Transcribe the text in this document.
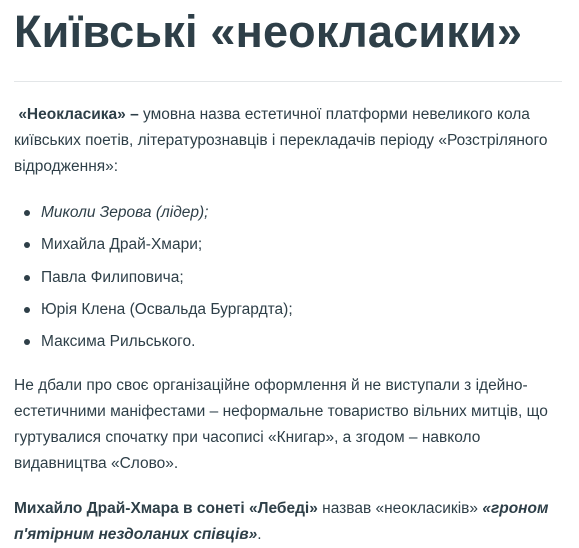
Київські «неокласики»

«Неокласика» – умовна назва естетичної платформи невеликого кола київських поетів, літературознавців і перекладачів періоду «Розстріляного відродження»:

Миколи Зерова (лідер);
Михайла Драй-Хмари;
Павла Филиповича;
Юрія Клена (Освальда Бургардта);
Максима Рильського.

Не дбали про своє організаційне оформлення й не виступали з ідейно-естетичними маніфестами – неформальне товариство вільних митців, що гуртувалися спочатку при часописі «Книгар», а згодом – навколо видавництва «Слово».

Михайло Драй-Хмара в сонеті «Лебеді» назвав «неокласиків» «гроном п'ятірним нездоланих співців».
